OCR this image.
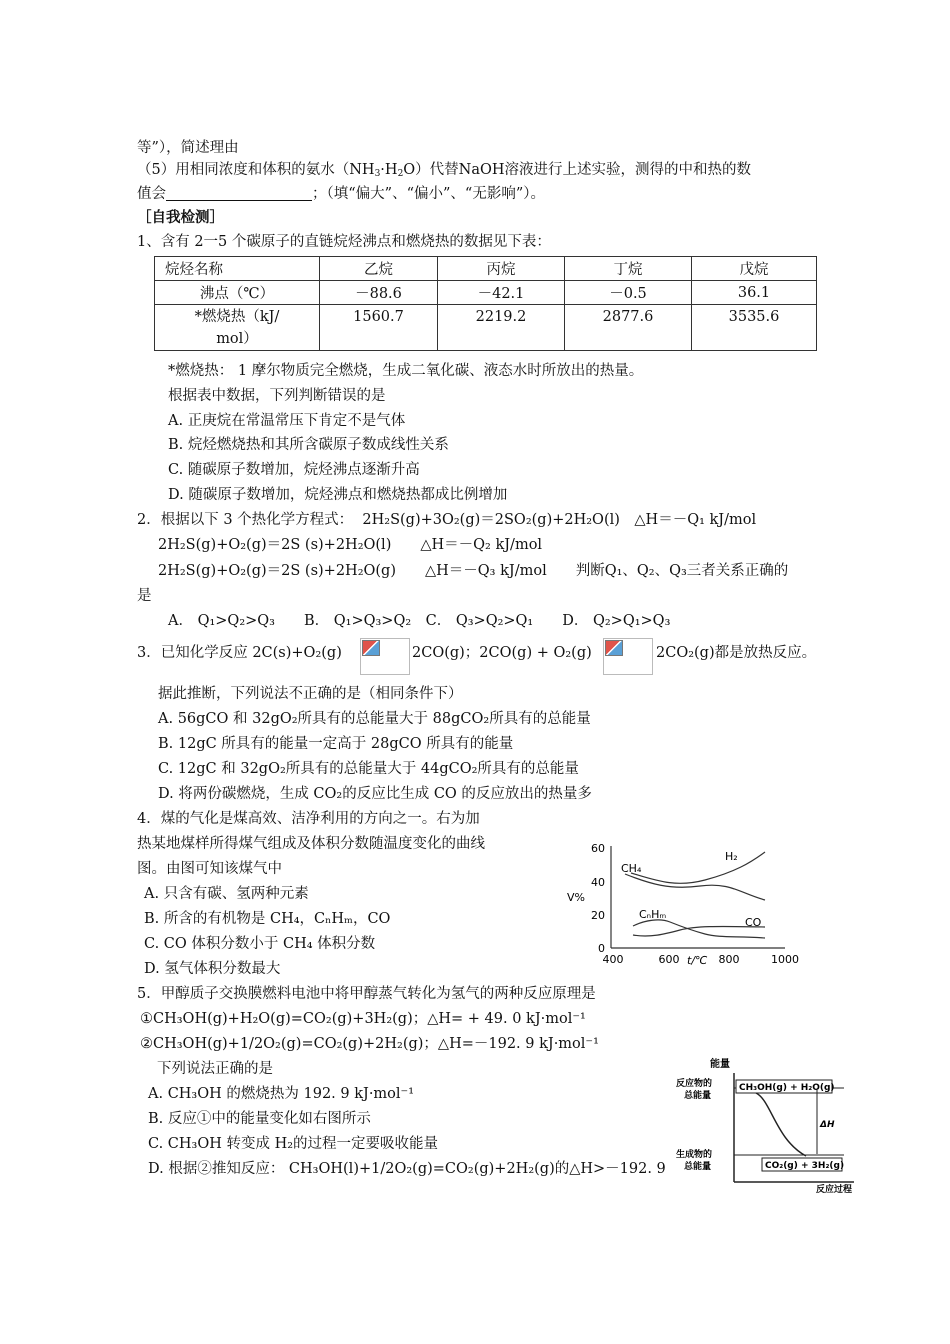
等”），简述理由
（5）用相同浓度和体积的氨水$(NH_3\cdot H_2O)$代替NaOH溶液进行上述实验，测得的中和热的数
值会	；（填“偏大”、“偏小”、“无影响”）。
［自我检测］
1、含有 2一5 个碳原子的直链烷烃沸点和燃烧热的数据见下表：
烷烃名称	乙烷	丙烷	丁烷	戊烷
沸点（℃）	－88.6	－42.1	－0.5	36.1

*燃烧热（kJ/
mol）	1560.7	2219.2	2877.6	3535.6
*燃烧热： 1 摩尔物质完全燃烧，生成二氧化碳、液态水时所放出的热量。
根据表中数据，下列判断错误的是
A. 正庚烷在常温常压下肯定不是气体
B. 烷烃燃烧热和其所含碳原子数成线性关系
C. 随碳原子数增加，烷烃沸点逐渐升高
D. 随碳原子数增加，烷烃沸点和燃烧热都成比例增加
2．根据以下 3 个热化学方程式： 2H₂S(g)+3O₂(g)＝2SO₂(g)+2H₂O(l)　△H＝－Q₁ kJ/mol
2H₂S(g)+O₂(g)＝2S (s)+2H₂O(l)　　△H＝－Q₂ kJ/mol
2H₂S(g)+O₂(g)＝2S (s)+2H₂O(g)　　△H＝－Q₃ kJ/mol　　判断Q₁、Q₂、Q₃三者关系正确的
是
A． Q₁>Q₂>Q₃　　B． Q₁>Q₃>Q₂　C． Q₃>Q₂>Q₁　　D． Q₂>Q₁>Q₃
3．已知化学反应 2C(s)+O₂(g)	2CO(g)；2CO(g) + O₂(g)	2CO₂(g)都是放热反应。
据此推断，下列说法不正确的是（相同条件下）
A. 56gCO 和 32gO₂所具有的总能量大于 88gCO₂所具有的总能量
B. 12gC 所具有的能量一定高于 28gCO 所具有的能量
C. 12gC 和 32gO₂所具有的总能量大于 44gCO₂所具有的总能量
D. 将两份碳燃烧，生成 CO₂的反应比生成 CO 的反应放出的热量多
4．煤的气化是煤高效、洁净利用的方向之一。右为加
热某地煤样所得煤气组成及体积分数随温度变化的曲线
图。由图可知该煤气中
A. 只含有碳、氢两种元素
B. 所含的有机物是 CH₄，CₙHₘ，CO
C. CO 体积分数小于 CH₄ 体积分数
D. 氢气体积分数最大
60
40
20
0
V%
400	600	800	1000
t/℃
CH₄
H₂
CₙHₘ
CO
5．甲醇质子交换膜燃料电池中将甲醇蒸气转化为氢气的两种反应原理是
①CH₃OH(g)+H₂O(g)=CO₂(g)+3H₂(g)；△H= + 49. 0 kJ·mol⁻¹
②CH₃OH(g)+1/2O₂(g)=CO₂(g)+2H₂(g)；△H=－192. 9 kJ·mol⁻¹
下列说法正确的是
A. CH₃OH 的燃烧热为 192. 9 kJ·mol⁻¹
B. 反应①中的能量变化如右图所示
C. CH₃OH 转变成 H₂的过程一定要吸收能量
D. 根据②推知反应： CH₃OH(l)+1/2O₂(g)=CO₂(g)+2H₂(g)的△H>－192. 9
能量
反应物的
总能量
生成物的
总能量
CH₃OH(g) + H₂O(g)
CO₂(g) + 3H₂(g)
ΔH
反应过程
